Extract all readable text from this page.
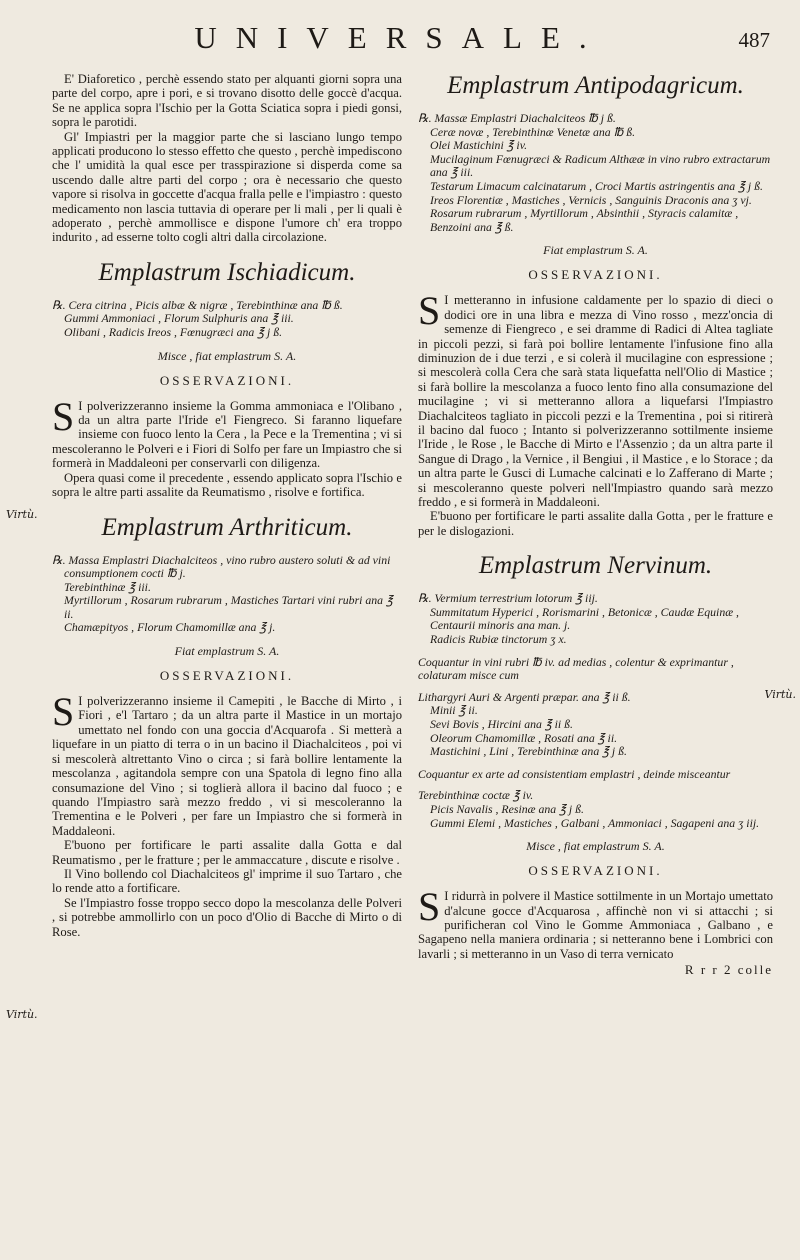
UNIVERSALE.	487

E' Diaforetico , perchè essendo stato per alquanti giorni sopra una parte del corpo, apre i pori, e si trovano disotto delle goccè d'acqua. Se ne applica sopra l'Ischio per la Gotta Sciatica sopra i piedi gonsi, sopra le parotidi.

Gl' Impiastri per la maggior parte che si lasciano lungo tempo applicati producono lo stesso effetto che questo , perchè impediscono che l' umidità la qual esce per trasspirazione si disperda come sa uscendo dalle altre parti del corpo ; ora è necessario che questo vapore si risolva in goccette d'acqua fralla pelle e l'impiastro : questo medicamento non lascia tuttavia di operare per li mali , per li quali è adoperato , perchè ammollisce e dispone l'umore ch' era troppo indurito , ad esserne tolto cogli altri dalla circolazione.

Emplastrum Ischiadicum.
℞. Cera citrina , Picis albæ & nigræ , Terebinthinæ ana ℔ ß.
Gummi Ammoniaci , Florum Sulphuris ana ℥ iii.
Olibani , Radicis Ireos , Fœnugræci ana ℥ j ß.
Misce , fiat emplastrum S. A.
OSSERVAZIONI.

S I polverizzeranno insieme la Gomma ammoniaca e l'Olibano , da un altra parte l'Iride e'l Fiengreco. Si faranno liquefare insieme con fuoco lento la Cera , la Pece e la Trementina ; vi si mescoleranno le Polveri e i Fiori di Solfo per fare un Impiastro che si formerà in Maddaleoni per conservarli con diligenza.

Opera quasi come il precedente , essendo applicato sopra l'Ischio e sopra le altre parti assalite da Reumatismo , risolve e fortifica.

Emplastrum Arthriticum.
℞. Massa Emplastri Diachalciteos , vino rubro austero soluti & ad vini consumptionem cocti ℔ j.
Terebinthinæ ℥ iii.
Myrtillorum , Rosarum rubrarum , Mastiches Tartari vini rubri ana ℥ ii.
Chamæpityos , Florum Chamomillæ ana ℥ j.
Fiat emplastrum S. A.
OSSERVAZIONI.

S I polverizzeranno insieme il Camepiti , le Bacche di Mirto , i Fiori , e'l Tartaro ; da un altra parte il Mastice in un mortajo umettato nel fondo con una goccia d'Acquarofa . Si metterà a liquefare in un piatto di terra o in un bacino il Diachalciteos , poi vi si mescolerà altrettanto Vino o circa ; si farà bollire lentamente la mescolanza , agitandola sempre con una Spatola di legno fino alla consumazione del Vino ; si toglierà allora il bacino dal fuoco ; e quando l'Impiastro sarà mezzo freddo , vi si mescoleranno la Trementina e le Polveri , per fare un Impiastro che si formerà in Maddaleoni.

E'buono per fortificare le parti assalite dalla Gotta e dal Reumatismo , per le fratture ; per le ammaccature , discute e risolve .

Il Vino bollendo col Diachalciteos gl' imprime il suo Tartaro , che lo rende atto a fortificare.

Se l'Impiastro fosse troppo secco dopo la mescolanza delle Polveri , si potrebbe ammollirlo con un poco d'Olio di Bacche di Mirto o di Rose.

Virtù.
Virtù.
Emplastrum Antipodagricum.
℞. Massæ Emplastri Diachalciteos ℔ j ß.
Ceræ novæ , Terebinthinæ Venetæ ana ℔ ß.
Olei Mastichini ℥ iv.
Mucilaginum Fœnugræci & Radicum Althææ in vino rubro extractarum ana ℥ iii.
Testarum Limacum calcinatarum , Croci Martis astringentis ana ℥ j ß.
Ireos Florentiæ , Mastiches , Vernicis , Sanguinis Draconis ana ʒ vj.
Rosarum rubrarum , Myrtillorum , Absinthii , Styracis calamitæ , Benzoini ana ℥ ß.
Fiat emplastrum S. A.
OSSERVAZIONI.

S I metteranno in infusione caldamente per lo spazio di dieci o dodici ore in una libra e mezza di Vino rosso , mezz'oncia di semenze di Fiengreco , e sei dramme di Radici di Altea tagliate in piccoli pezzi, si farà poi bollire lentamente l'infusione fino alla diminuzion de i due terzi , e si colerà il mucilagine con espressione ; si mescolerà colla Cera che sarà stata liquefatta nell'Olio di Mastice ; si farà bollire la mescolanza a fuoco lento fino alla consumazione del mucilagine ; vi si metteranno allora a liquefarsi l'Impiastro Diachalciteos tagliato in piccoli pezzi e la Trementina , poi si ritirerà il bacino dal fuoco ; Intanto si polverizzeranno sottilmente insieme l'Iride , le Rose , le Bacche di Mirto e l'Assenzio ; da un altra parte il Sangue di Drago , la Vernice , il Bengiui , il Mastice , e lo Storace ; da un altra parte le Gusci di Lumache calcinati e lo Zafferano di Marte ; si mescoleranno queste polveri nell'Impiastro quando sarà mezzo freddo , e si formerà in Maddaleoni.

E'buono per fortificare le parti assalite dalla Gotta , per le fratture e per le dislogazioni.

Emplastrum Nervinum.
℞. Vermium terrestrium lotorum ℥ iij.
Summitatum Hyperici , Rorismarini , Betonicæ , Caudæ Equinæ , Centaurii minoris ana man. j.
Radicis Rubiæ tinctorum ʒ x.
Coquantur in vini rubri ℔ iv. ad medias , colentur & exprimantur , colaturam misce cum
Lithargyri Auri & Argenti præpar. ana ℥ ii ß.
Minii ℥ ii.
Sevi Bovis , Hircini ana ℥ ii ß.
Oleorum Chamomillæ , Rosati ana ℥ ii.
Mastichini , Lini , Terebinthinæ ana ℥ j ß.
Coquantur ex arte ad consistentiam emplastri , deinde misceantur
Terebinthinæ coctæ ℥ iv.
Picis Navalis , Resinæ ana ℥ j ß.
Gummi Elemi , Mastiches , Galbani , Ammoniaci , Sagapeni ana ʒ iij.
Misce , fiat emplastrum S. A.
OSSERVAZIONI.

S I ridurrà in polvere il Mastice sottilmente in un Mortajo umettato d'alcune gocce d'Acquarosa , affinchè non vi si attacchi ; si purificheran col Vino le Gomme Ammoniaca , Galbano , e Sagapeno nella maniera ordinaria ; si netteranno bene i Lombrici con lavarli ; si metteranno in un Vaso di terra vernicato

R r r 2 colle
Virtù.
